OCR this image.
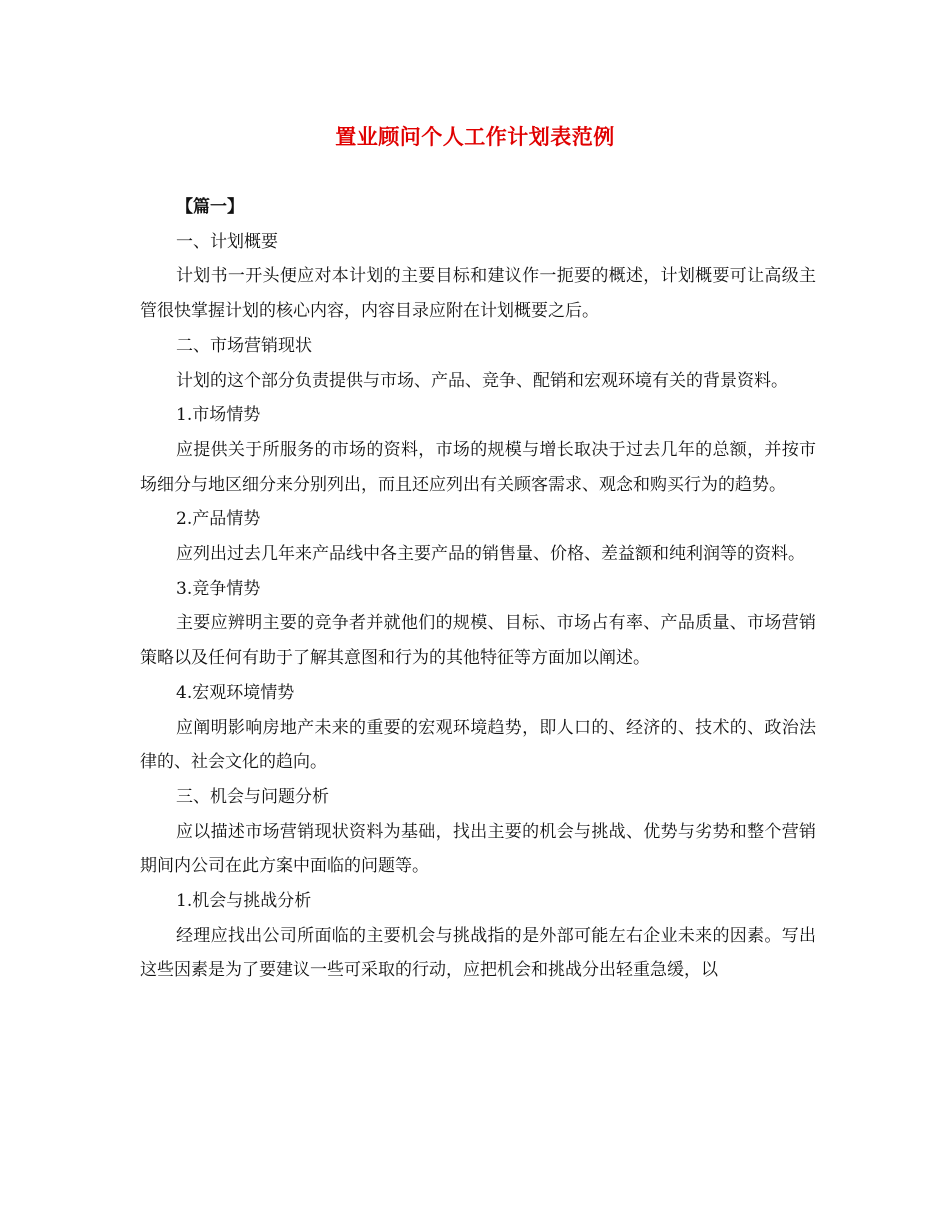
置业顾问个人工作计划表范例

【篇一】

一、计划概要

计划书一开头便应对本计划的主要目标和建议作一扼要的概述，计划概要可让高级主管很快掌握计划的核心内容，内容目录应附在计划概要之后。

二、市场营销现状

计划的这个部分负责提供与市场、产品、竞争、配销和宏观环境有关的背景资料。

1.市场情势

应提供关于所服务的市场的资料，市场的规模与增长取决于过去几年的总额，并按市场细分与地区细分来分别列出，而且还应列出有关顾客需求、观念和购买行为的趋势。

2.产品情势

应列出过去几年来产品线中各主要产品的销售量、价格、差益额和纯利润等的资料。

3.竞争情势

主要应辨明主要的竞争者并就他们的规模、目标、市场占有率、产品质量、市场营销策略以及任何有助于了解其意图和行为的其他特征等方面加以阐述。

4.宏观环境情势

应阐明影响房地产未来的重要的宏观环境趋势，即人口的、经济的、技术的、政治法律的、社会文化的趋向。

三、机会与问题分析

应以描述市场营销现状资料为基础，找出主要的机会与挑战、优势与劣势和整个营销期间内公司在此方案中面临的问题等。

1.机会与挑战分析

经理应找出公司所面临的主要机会与挑战指的是外部可能左右企业未来的因素。写出这些因素是为了要建议一些可采取的行动，应把机会和挑战分出轻重急缓，以
